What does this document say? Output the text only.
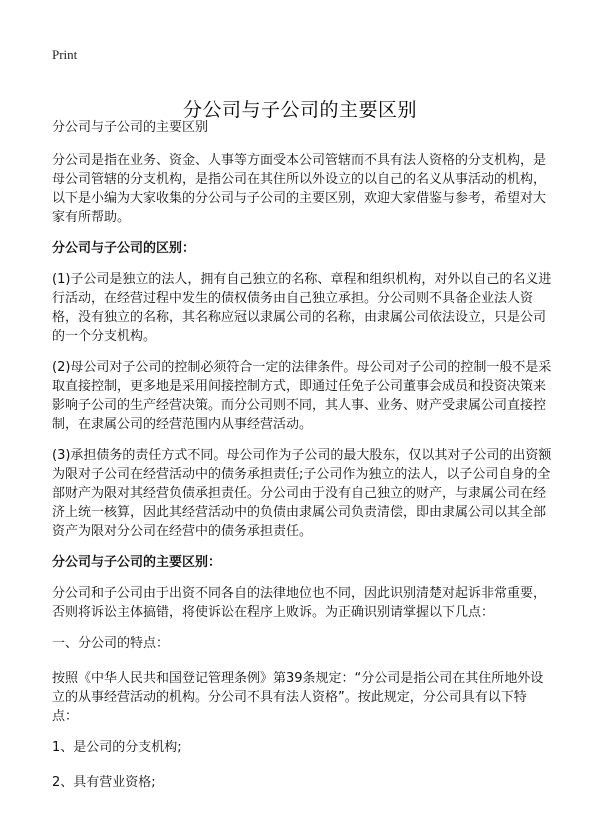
Print
分公司与子公司的主要区别

分公司与子公司的主要区别

分公司是指在业务、资金、人事等方面受本公司管辖而不具有法人资格的分支机构，是母公司管辖的分支机构，是指公司在其住所以外设立的以自己的名义从事活动的机构，以下是小编为大家收集的分公司与子公司的主要区别，欢迎大家借鉴与参考，希望对大家有所帮助。

分公司与子公司的区别：

(1)子公司是独立的法人，拥有自己独立的名称、章程和组织机构，对外以自己的名义进行活动，在经营过程中发生的债权债务由自己独立承担。分公司则不具备企业法人资格，没有独立的名称，其名称应冠以隶属公司的名称，由隶属公司依法设立，只是公司的一个分支机构。

(2)母公司对子公司的控制必须符合一定的法律条件。母公司对子公司的控制一般不是采取直接控制，更多地是采用间接控制方式，即通过任免子公司董事会成员和投资决策来影响子公司的生产经营决策。而分公司则不同，其人事、业务、财产受隶属公司直接控制，在隶属公司的经营范围内从事经营活动。

(3)承担债务的责任方式不同。母公司作为子公司的最大股东，仅以其对子公司的出资额为限对子公司在经营活动中的债务承担责任;子公司作为独立的法人，以子公司自身的全部财产为限对其经营负债承担责任。分公司由于没有自己独立的财产，与隶属公司在经济上统一核算，因此其经营活动中的负债由隶属公司负责清偿，即由隶属公司以其全部资产为限对分公司在经营中的债务承担责任。

分公司与子公司的主要区别：

分公司和子公司由于出资不同各自的法律地位也不同，因此识别清楚对起诉非常重要，否则将诉讼主体搞错，将使诉讼在程序上败诉。为正确识别请掌握以下几点：

一、分公司的特点：

按照《中华人民共和国登记管理条例》第39条规定：“分公司是指公司在其住所地外设立的从事经营活动的机构。分公司不具有法人资格”。按此规定，分公司具有以下特点：

1、是公司的分支机构;

2、具有营业资格;
